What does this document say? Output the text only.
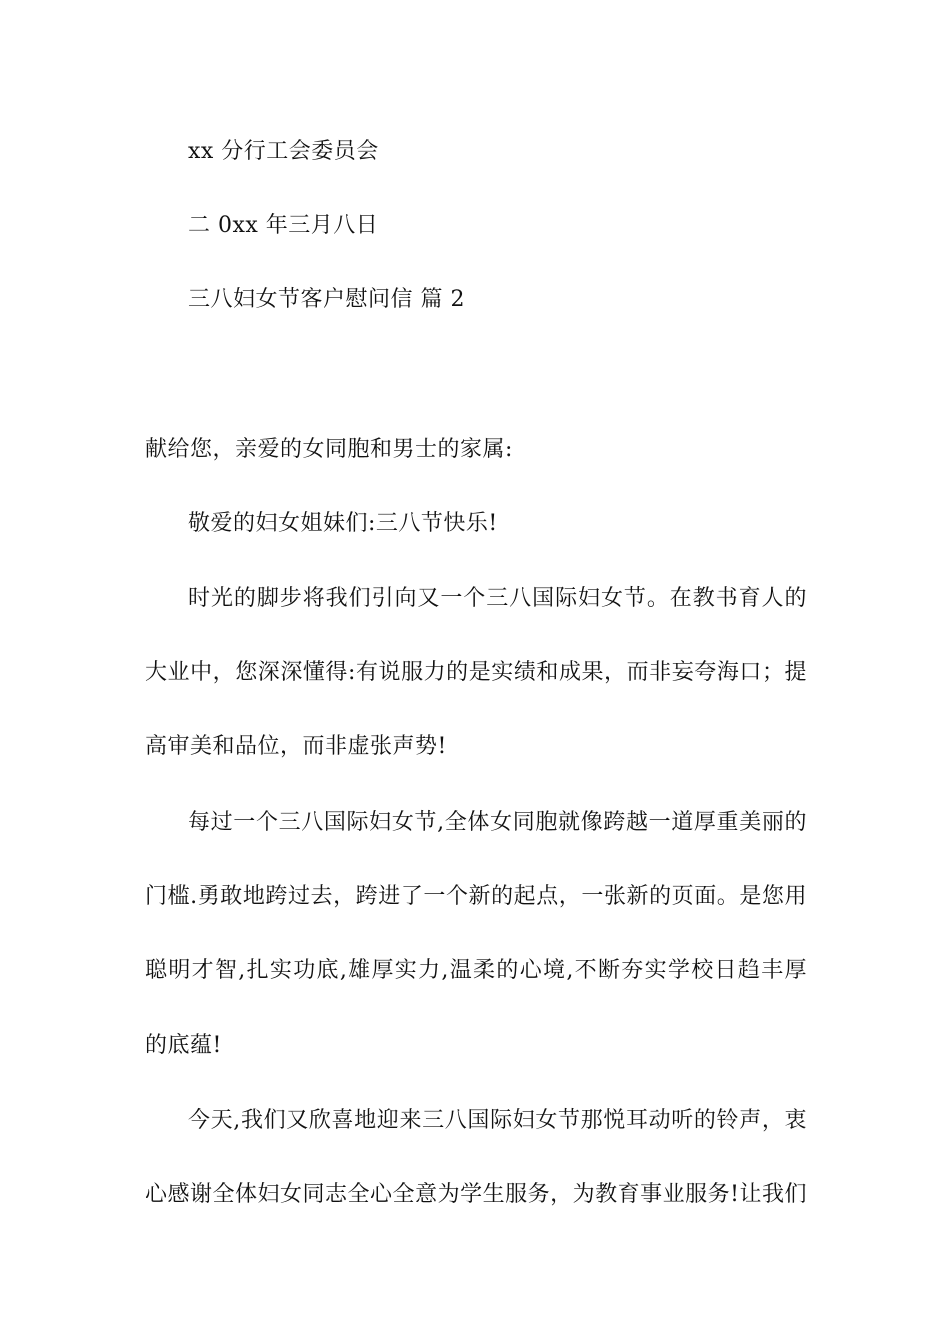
xx 分行工会委员会

二 0xx 年三月八日

三八妇女节客户慰问信 篇 2

献给您，亲爱的女同胞和男士的家属:

敬爱的妇女姐妹们:三八节快乐!

时光的脚步将我们引向又一个三八国际妇女节。在教书育人的

大业中，您深深懂得:有说服力的是实绩和成果，而非妄夸海口；提

高审美和品位，而非虚张声势!

每过一个三八国际妇女节,全体女同胞就像跨越一道厚重美丽的

门槛.勇敢地跨过去，跨进了一个新的起点，一张新的页面。是您用

聪明才智,扎实功底,雄厚实力,温柔的心境,不断夯实学校日趋丰厚

的底蕴!

今天,我们又欣喜地迎来三八国际妇女节那悦耳动听的铃声，衷

心感谢全体妇女同志全心全意为学生服务，为教育事业服务!让我们
